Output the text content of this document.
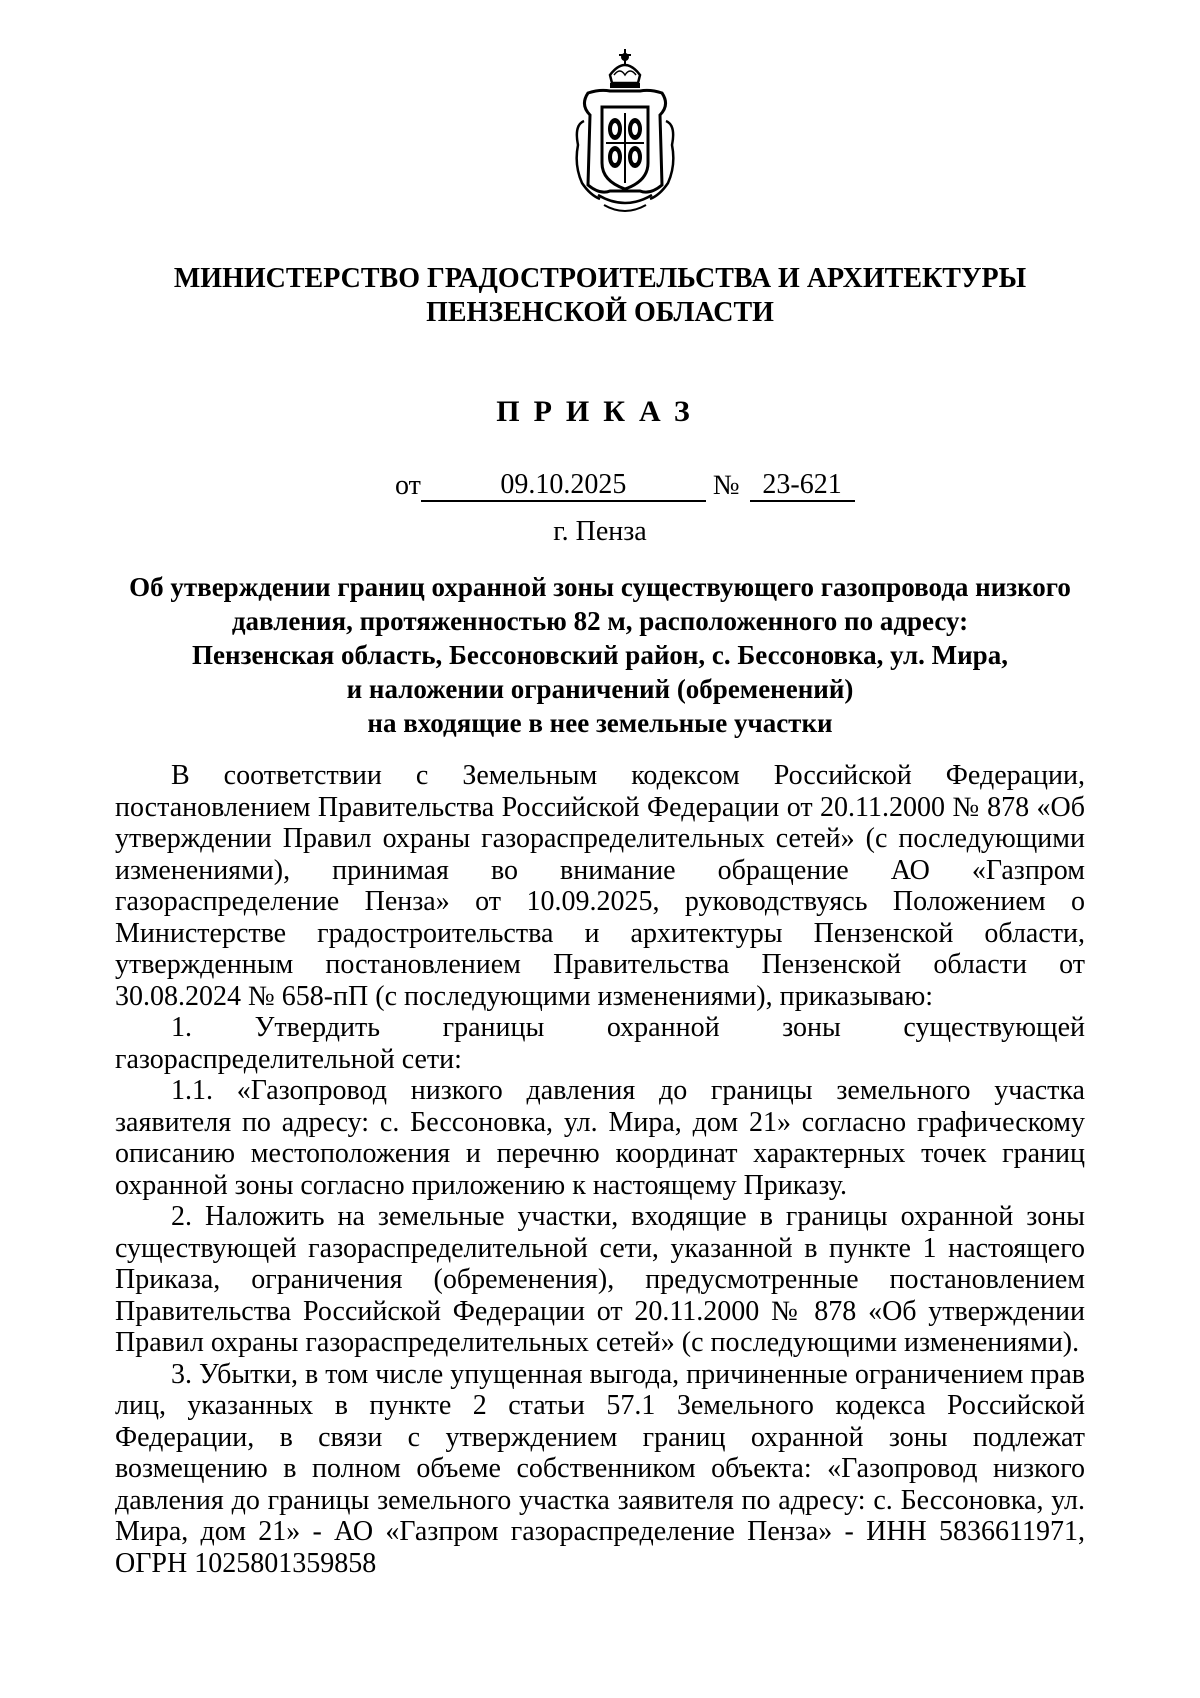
МИНИСТЕРСТВО ГРАДОСТРОИТЕЛЬСТВА И АРХИТЕКТУРЫ
ПЕНЗЕНСКОЙ ОБЛАСТИ
ПРИКАЗ
от	09.10.2025	№ 23-621
г. Пенза
Об утверждении границ охранной зоны существующего газопровода низкого
давления, протяженностью 82 м, расположенного по адресу:
Пензенская область, Бессоновский район, с. Бессоновка, ул. Мира,
и наложении ограничений (обременений)
на входящие в нее земельные участки

В соответствии с Земельным кодексом Российской Федерации, постановлением Правительства Российской Федерации от 20.11.2000 № 878 «Об утверждении Правил охраны газораспределительных сетей» (с последующими изменениями), принимая во внимание обращение АО «Газпром газораспределение Пенза» от 10.09.2025, руководствуясь Положением о Министерстве градостроительства и архитектуры Пензенской области, утвержденным постановлением Правительства Пензенской области от 30.08.2024 № 658-пП (с последующими изменениями), приказываю:

1. Утвердить границы охранной зоны существующей газораспределительной сети:

1.1. «Газопровод низкого давления до границы земельного участка заявителя по адресу: с. Бессоновка, ул. Мира, дом 21» согласно графическому описанию местоположения и перечню координат характерных точек границ охранной зоны согласно приложению к настоящему Приказу.

2. Наложить на земельные участки, входящие в границы охранной зоны существующей газораспределительной сети, указанной в пункте 1 настоящего Приказа, ограничения (обременения), предусмотренные постановлением Правительства Российской Федерации от 20.11.2000 № 878 «Об утверждении Правил охраны газораспределительных сетей» (с последующими изменениями).

3. Убытки, в том числе упущенная выгода, причиненные ограничением прав лиц, указанных в пункте 2 статьи 57.1 Земельного кодекса Российской Федерации, в связи с утверждением границ охранной зоны подлежат возмещению в полном объеме собственником объекта: «Газопровод низкого давления до границы земельного участка заявителя по адресу: с. Бессоновка, ул. Мира, дом 21» - АО «Газпром газораспределение Пенза» - ИНН 5836611971, ОГРН 1025801359858
